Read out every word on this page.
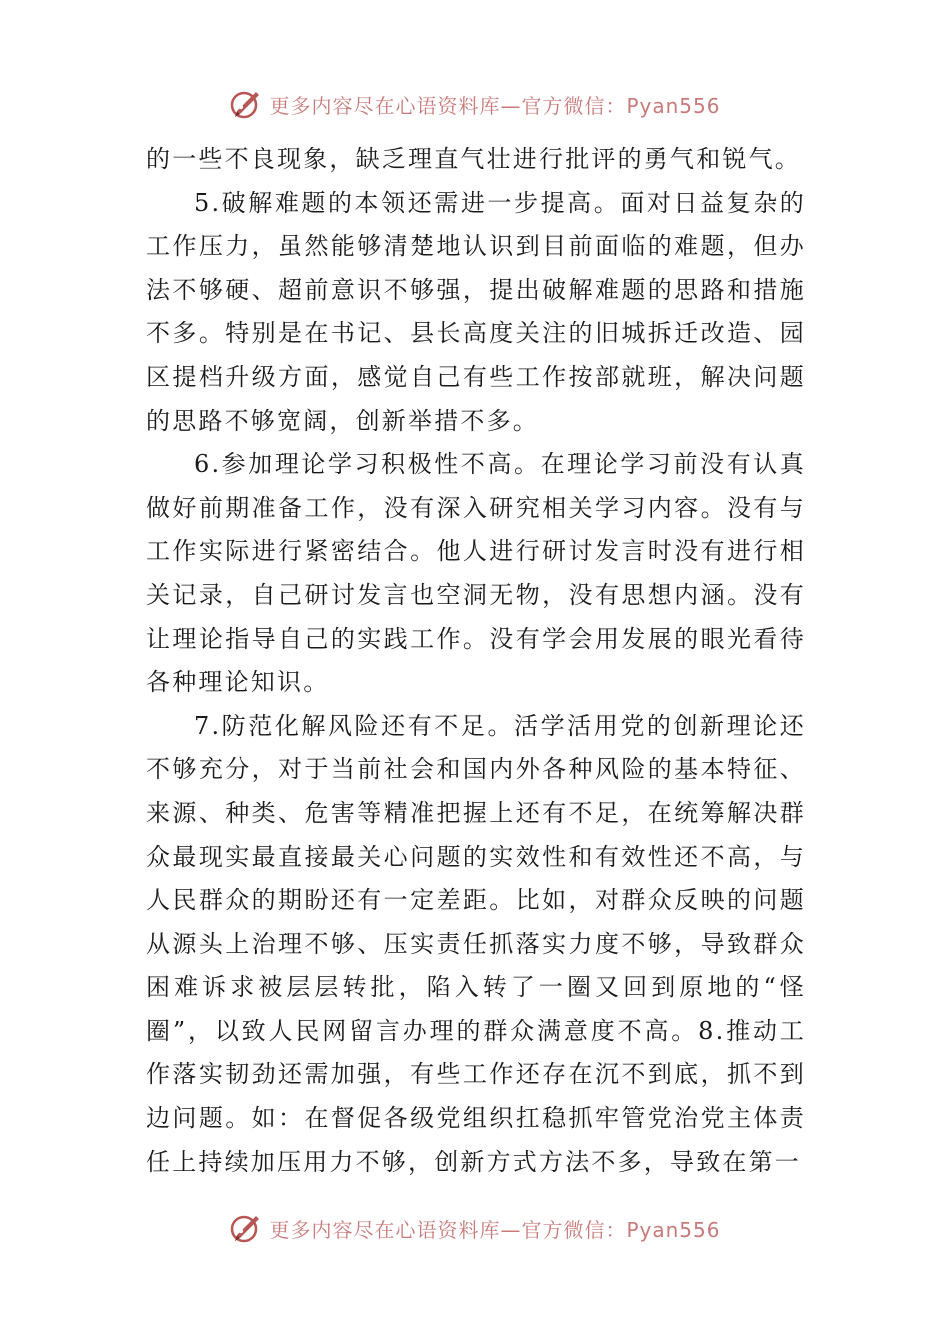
更多内容尽在心语资料库—官方微信：Pyan556

的一些不良现象，缺乏理直气壮进行批评的勇气和锐气。

5.破解难题的本领还需进一步提高。面对日益复杂的工作压力，虽然能够清楚地认识到目前面临的难题，但办法不够硬、超前意识不够强，提出破解难题的思路和措施不多。特别是在书记、县长高度关注的旧城拆迁改造、园区提档升级方面，感觉自己有些工作按部就班，解决问题的思路不够宽阔，创新举措不多。

6.参加理论学习积极性不高。在理论学习前没有认真做好前期准备工作，没有深入研究相关学习内容。没有与工作实际进行紧密结合。他人进行研讨发言时没有进行相关记录，自己研讨发言也空洞无物，没有思想内涵。没有让理论指导自己的实践工作。没有学会用发展的眼光看待各种理论知识。

7.防范化解风险还有不足。活学活用党的创新理论还不够充分，对于当前社会和国内外各种风险的基本特征、来源、种类、危害等精准把握上还有不足，在统筹解决群众最现实最直接最关心问题的实效性和有效性还不高，与人民群众的期盼还有一定差距。比如，对群众反映的问题从源头上治理不够、压实责任抓落实力度不够，导致群众困难诉求被层层转批，陷入转了一圈又回到原地的“怪圈”，以致人民网留言办理的群众满意度不高。8.推动工作落实韧劲还需加强，有些工作还存在沉不到底，抓不到边问题。如：在督促各级党组织扛稳抓牢管党治党主体责任上持续加压用力不够，创新方式方法不多，导致在第一

更多内容尽在心语资料库—官方微信：Pyan556
